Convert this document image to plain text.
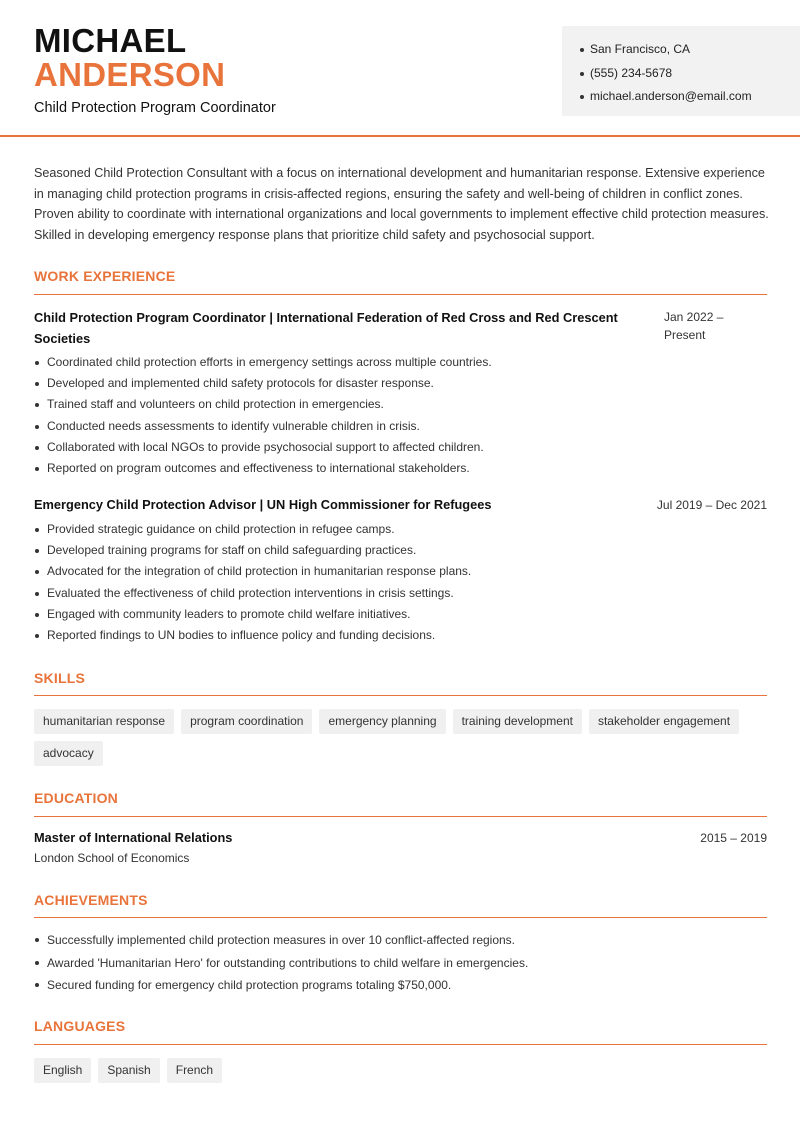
MICHAEL
ANDERSON
Child Protection Program Coordinator
San Francisco, CA
(555) 234-5678
michael.anderson@email.com

Seasoned Child Protection Consultant with a focus on international development and humanitarian response. Extensive experience in managing child protection programs in crisis-affected regions, ensuring the safety and well-being of children in conflict zones. Proven ability to coordinate with international organizations and local governments to implement effective child protection measures. Skilled in developing emergency response plans that prioritize child safety and psychosocial support.

WORK EXPERIENCE
Child Protection Program Coordinator | International Federation of Red Cross and Red Crescent Societies
Jan 2022 –
Present
Coordinated child protection efforts in emergency settings across multiple countries.
Developed and implemented child safety protocols for disaster response.
Trained staff and volunteers on child protection in emergencies.
Conducted needs assessments to identify vulnerable children in crisis.
Collaborated with local NGOs to provide psychosocial support to affected children.
Reported on program outcomes and effectiveness to international stakeholders.
Emergency Child Protection Advisor | UN High Commissioner for Refugees	Jul 2019 – Dec 2021
Provided strategic guidance on child protection in refugee camps.
Developed training programs for staff on child safeguarding practices.
Advocated for the integration of child protection in humanitarian response plans.
Evaluated the effectiveness of child protection interventions in crisis settings.
Engaged with community leaders to promote child welfare initiatives.
Reported findings to UN bodies to influence policy and funding decisions.
SKILLS
humanitarian response	program coordination	emergency planning	training development	stakeholder engagement
advocacy
EDUCATION
Master of International Relations
London School of Economics
2015 – 2019
ACHIEVEMENTS
Successfully implemented child protection measures in over 10 conflict-affected regions.
Awarded 'Humanitarian Hero' for outstanding contributions to child welfare in emergencies.
Secured funding for emergency child protection programs totaling $750,000.
LANGUAGES
English	Spanish	French
